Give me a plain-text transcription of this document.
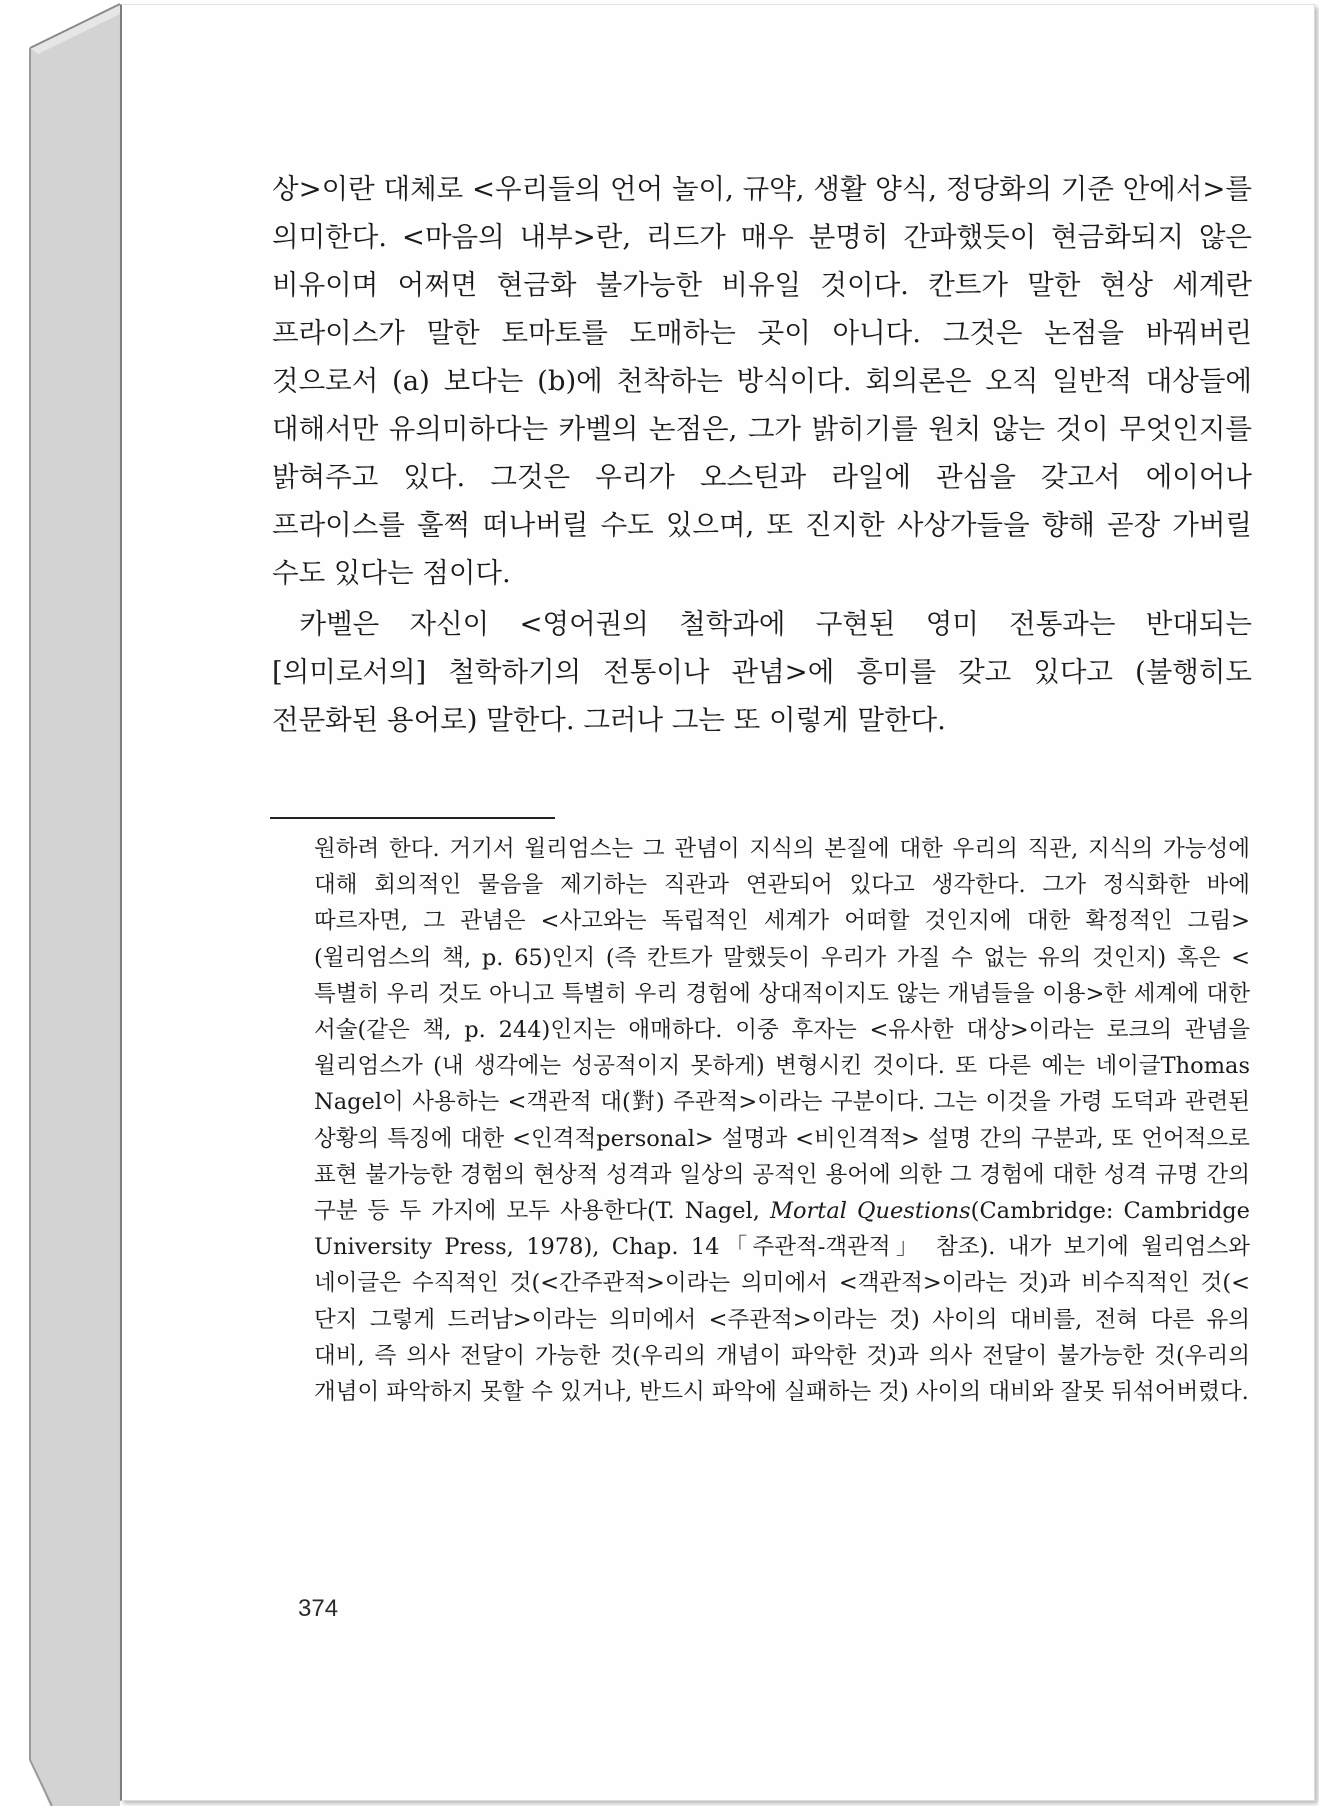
상>이란 대체로 <우리들의 언어 놀이, 규약, 생활 양식, 정당화의 기준 안에서>를 의미한다. <마음의 내부>란, 리드가 매우 분명히 간파했듯이 현금화되지 않은 비유이며 어쩌면 현금화 불가능한 비유일 것이다. 칸트가 말한 현상 세계란 프라이스가 말한 토마토를 도매하는 곳이 아니다. 그것은 논점을 바꿔버린 것으로서 (a) 보다는 (b)에 천착하는 방식이다. 회의론은 오직 일반적 대상들에 대해서만 유의미하다는 카벨의 논점은, 그가 밝히기를 원치 않는 것이 무엇인지를 밝혀주고 있다. 그것은 우리가 오스틴과 라일에 관심을 갖고서 에이어나 프라이스를 훌쩍 떠나버릴 수도 있으며, 또 진지한 사상가들을 향해 곧장 가버릴 수도 있다는 점이다.

카벨은 자신이 <영어권의 철학과에 구현된 영미 전통과는 반대되는 [의미로서의] 철학하기의 전통이나 관념>에 흥미를 갖고 있다고 (불행히도 전문화된 용어로) 말한다. 그러나 그는 또 이렇게 말한다.

원하려 한다. 거기서 윌리엄스는 그 관념이 지식의 본질에 대한 우리의 직관, 지식의 가능성에 대해 회의적인 물음을 제기하는 직관과 연관되어 있다고 생각한다. 그가 정식화한 바에 따르자면, 그 관념은 <사고와는 독립적인 세계가 어떠할 것인지에 대한 확정적인 그림>(윌리엄스의 책, p. 65)인지 (즉 칸트가 말했듯이 우리가 가질 수 없는 유의 것인지) 혹은 <특별히 우리 것도 아니고 특별히 우리 경험에 상대적이지도 않는 개념들을 이용>한 세계에 대한 서술(같은 책, p. 244)인지는 애매하다. 이중 후자는 <유사한 대상>이라는 로크의 관념을 윌리엄스가 (내 생각에는 성공적이지 못하게) 변형시킨 것이다. 또 다른 예는 네이글Thomas Nagel이 사용하는 <객관적 대(對) 주관적>이라는 구분이다. 그는 이것을 가령 도덕과 관련된 상황의 특징에 대한 <인격적personal> 설명과 <비인격적> 설명 간의 구분과, 또 언어적으로 표현 불가능한 경험의 현상적 성격과 일상의 공적인 용어에 의한 그 경험에 대한 성격 규명 간의 구분 등 두 가지에 모두 사용한다(T. Nagel, Mortal Questions(Cambridge: Cambridge University Press, 1978), Chap. 14「주관적-객관적」 참조). 내가 보기에 윌리엄스와 네이글은 수직적인 것(<간주관적>이라는 의미에서 <객관적>이라는 것)과 비수직적인 것(<단지 그렇게 드러남>이라는 의미에서 <주관적>이라는 것) 사이의 대비를, 전혀 다른 유의 대비, 즉 의사 전달이 가능한 것(우리의 개념이 파악한 것)과 의사 전달이 불가능한 것(우리의 개념이 파악하지 못할 수 있거나, 반드시 파악에 실패하는 것) 사이의 대비와 잘못 뒤섞어버렸다.

374
